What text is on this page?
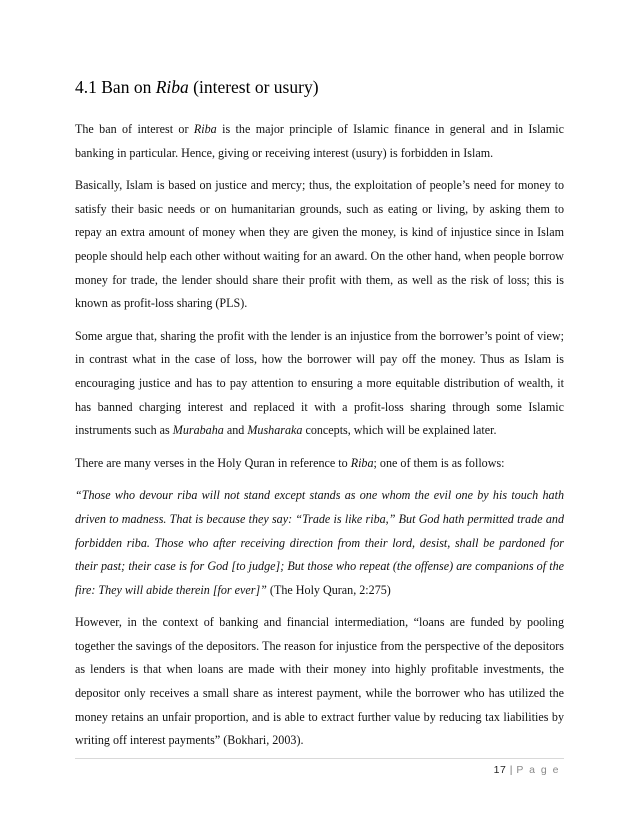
4.1 Ban on Riba (interest or usury)

The ban of interest or Riba is the major principle of Islamic finance in general and in Islamic banking in particular. Hence, giving or receiving interest (usury) is forbidden in Islam.

Basically, Islam is based on justice and mercy; thus, the exploitation of people’s need for money to satisfy their basic needs or on humanitarian grounds, such as eating or living, by asking them to repay an extra amount of money when they are given the money, is kind of injustice since in Islam people should help each other without waiting for an award. On the other hand, when people borrow money for trade, the lender should share their profit with them, as well as the risk of loss; this is known as profit-loss sharing (PLS).

Some argue that, sharing the profit with the lender is an injustice from the borrower’s point of view; in contrast what in the case of loss, how the borrower will pay off the money. Thus as Islam is encouraging justice and has to pay attention to ensuring a more equitable distribution of wealth, it has banned charging interest and replaced it with a profit-loss sharing through some Islamic instruments such as Murabaha and Musharaka concepts, which will be explained later.

There are many verses in the Holy Quran in reference to Riba; one of them is as follows:

“Those who devour riba will not stand except stands as one whom the evil one by his touch hath driven to madness. That is because they say: “Trade is like riba,” But God hath permitted trade and forbidden riba. Those who after receiving direction from their lord, desist, shall be pardoned for their past; their case is for God [to judge]; But those who repeat (the offense) are companions of the fire: They will abide therein [for ever]” (The Holy Quran, 2:275)

However, in the context of banking and financial intermediation, “loans are funded by pooling together the savings of the depositors. The reason for injustice from the perspective of the depositors as lenders is that when loans are made with their money into highly profitable investments, the depositor only receives a small share as interest payment, while the borrower who has utilized the money retains an unfair proportion, and is able to extract further value by reducing tax liabilities by writing off interest payments” (Bokhari, 2003).

17 | P a g e
